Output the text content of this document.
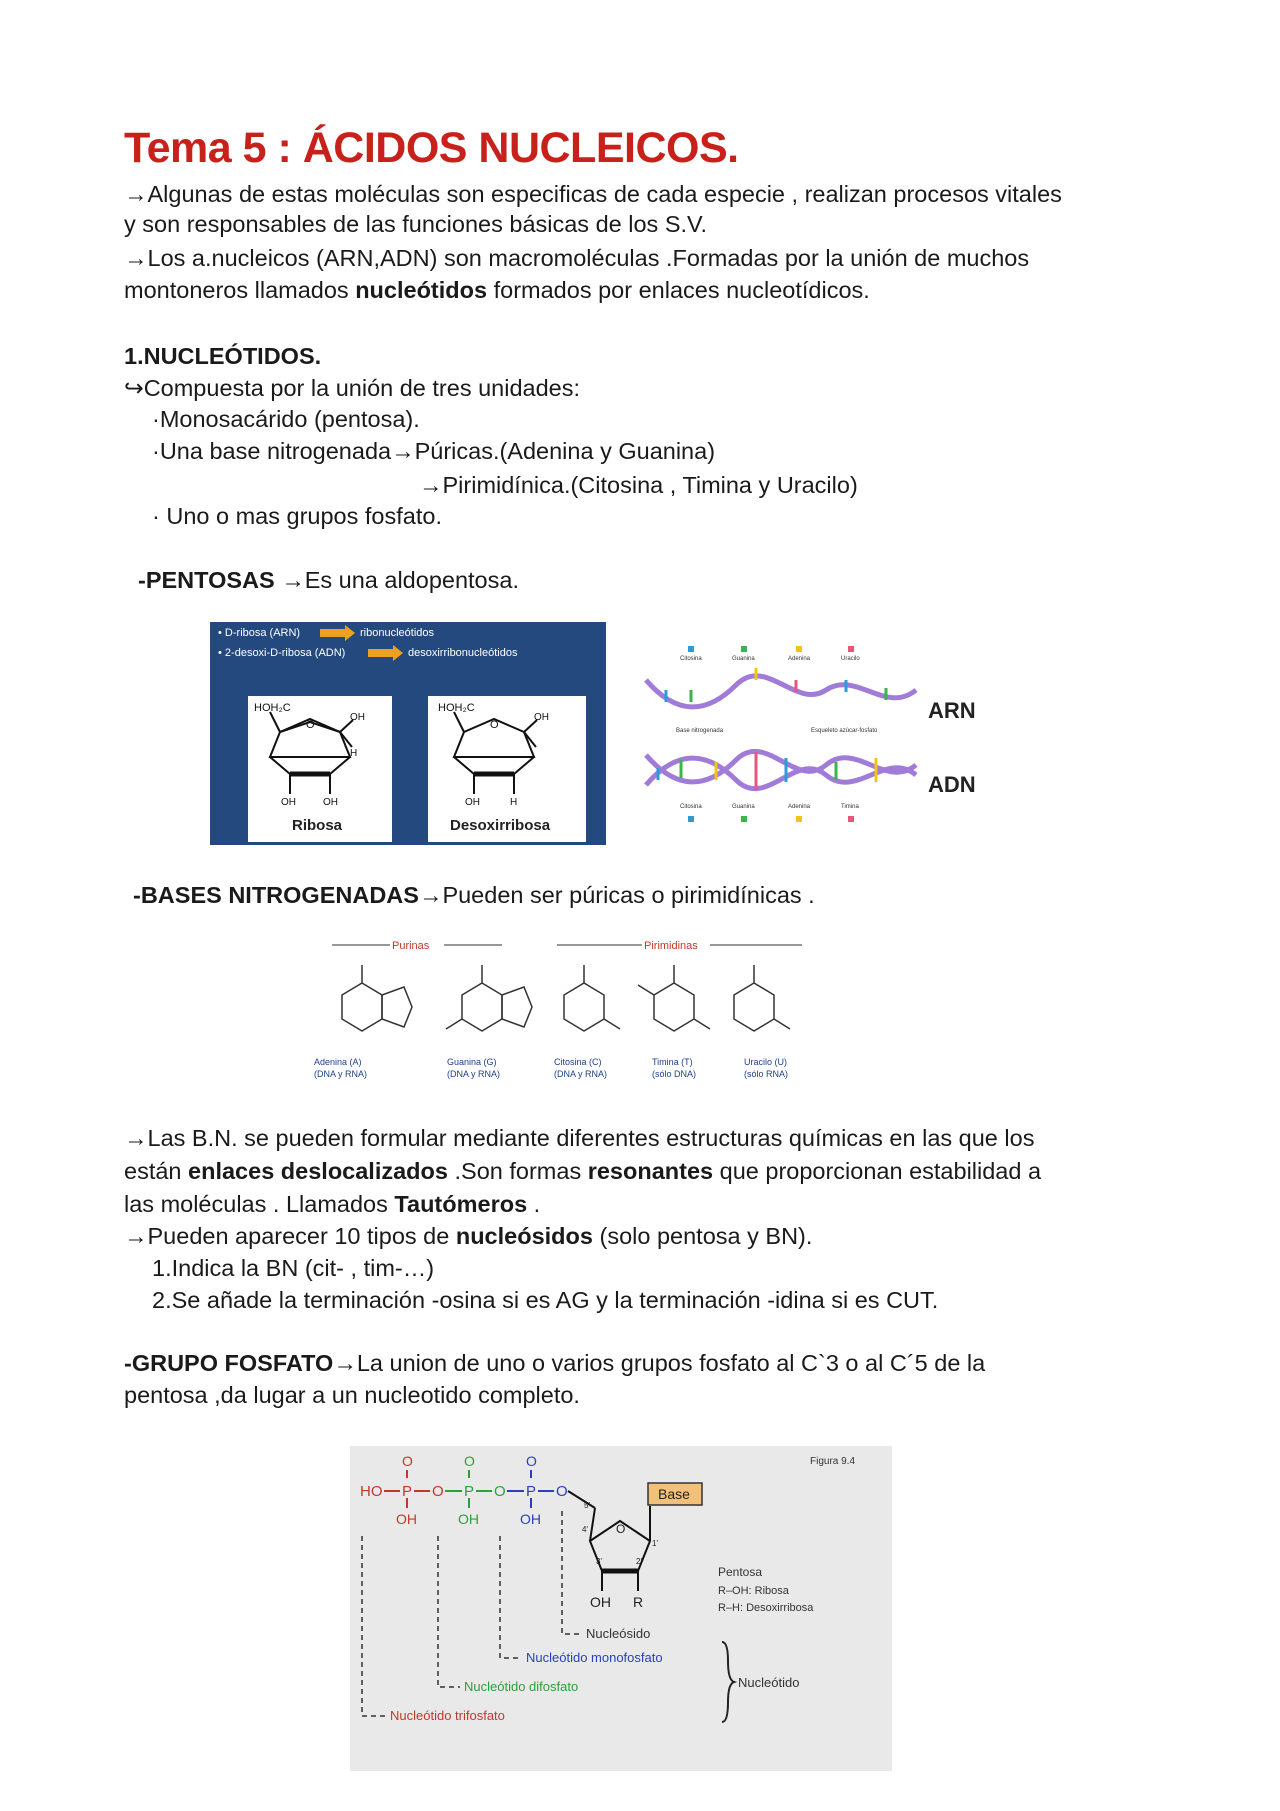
Tema 5 : ÁCIDOS NUCLEICOS.

→Algunas de estas moléculas son especificas de cada especie , realizan procesos vitales

y son responsables de las funciones básicas de los S.V.

→Los a.nucleicos (ARN,ADN) son macromoléculas .Formadas por la unión de muchos

montoneros llamados nucleótidos formados por enlaces nucleotídicos.

1.NUCLEÓTIDOS.

↪Compuesta por la unión de tres unidades:

·Monosacárido (pentosa).

·Una base nitrogenada→Púricas.(Adenina y Guanina)

→Pirimidínica.(Citosina , Timina y Uracilo)

· Uno o mas grupos fosfato.

-PENTOSAS →Es una aldopentosa.

• D-ribosa (ARN)	ribonucleótidos
• 2-desoxi-D-ribosa (ADN)	desoxirribonucleótidos
HOH₂C
O
OH
H
OH	OH
Ribosa
HOH₂C
O
OH
OH	H
Desoxirribosa
Citosina	Guanina	Adenina	Uracilo
ARN
Base nitrogenada	Esqueleto azúcar-fosfato
ADN
Citosina	Guanina	Adenina	Timina

-BASES NITROGENADAS→Pueden ser púricas o pirimidínicas .

Purinas	Pirimidinas
Adenina (A)
(DNA y RNA)
Guanina (G)
(DNA y RNA)
Citosina (C)
(DNA y RNA)
Timina (T)
(sólo DNA)
Uracilo (U)
(sólo RNA)

→Las B.N. se pueden formular mediante diferentes estructuras químicas en las que los

están enlaces deslocalizados .Son formas resonantes que proporcionan estabilidad a

las moléculas . Llamados Tautómeros .

→Pueden aparecer 10 tipos de nucleósidos (solo pentosa y BN).

1.Indica la BN (cit- , tim-…)

2.Se añade la terminación -osina si es AG y la terminación -idina si es CUT.

-GRUPO FOSFATO→La union de uno o varios grupos fosfato al C`3 o al C´5 de la

pentosa ,da lugar a un nucleotido completo.

Figura 9.4
HO P
O
OH
O P
O
OH
O P
O
OH
O	Base
O
4'
1'
3'	2'
5'
OH R
Pentosa
R–OH: Ribosa
R–H: Desoxirribosa
Nucleósido
Nucleótido monofosfato
Nucleótido difosfato
Nucleótido trifosfato
Nucleótido
